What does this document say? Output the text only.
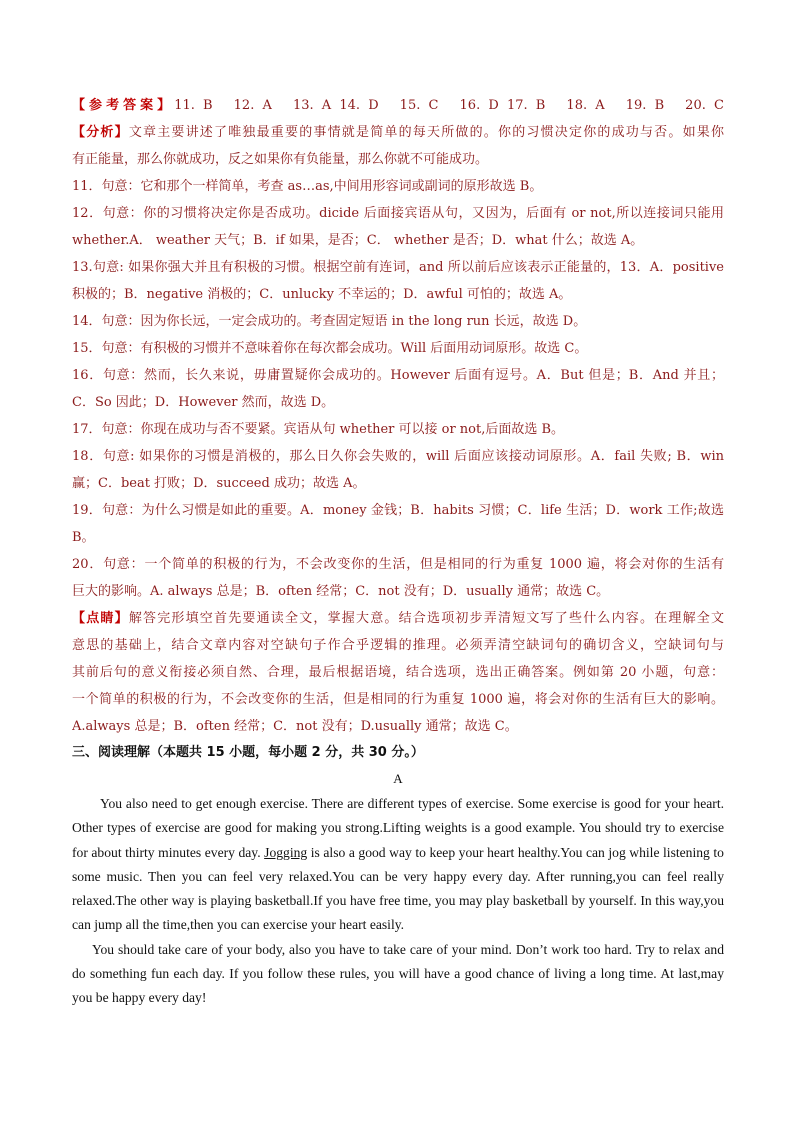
【参考答案】11. B　12. A　13. A 14. D　15. C　16. D 17. B　18. A　19. B　20. C
【分析】文章主要讲述了唯独最重要的事情就是简单的每天所做的。你的习惯决定你的成功与否。如果你
有正能量，那么你就成功，反之如果你有负能量，那么你就不可能成功。
11．句意：它和那个一样简单，考查 as…as,中间用形容词或副词的原形故选 B。
12．句意：你的习惯将决定你是否成功。dicide 后面接宾语从句，又因为，后面有 or not,所以连接词只能用
whether.A． weather 天气；B．if 如果，是否；C． whether 是否；D．what 什么；故选 A。
13.句意: 如果你强大并且有积极的习惯。根据空前有连词，and 所以前后应该表示正能量的，13．A．positive
积极的；B．negative 消极的；C．unlucky 不幸运的；D．awful 可怕的；故选 A。
14．句意：因为你长远，一定会成功的。考查固定短语 in the long run 长远，故选 D。
15．句意：有积极的习惯并不意味着你在每次都会成功。Will 后面用动词原形。故选 C。
16．句意：然而，长久来说，毋庸置疑你会成功的。However 后面有逗号。A．But 但是；B．And 并且；
C．So 因此；D．However 然而，故选 D。
17．句意：你现在成功与否不要紧。宾语从句 whether 可以接 or not,后面故选 B。
18．句意: 如果你的习惯是消极的，那么日久你会失败的，will 后面应该接动词原形。A．fail 失败; B．win
赢；C．beat 打败；D．succeed 成功；故选 A。
19．句意：为什么习惯是如此的重要。A．money 金钱；B．habits 习惯；C．life 生活；D．work 工作;故选
B。
20．句意：一个简单的积极的行为，不会改变你的生活，但是相同的行为重复 1000 遍，将会对你的生活有
巨大的影响。A. always 总是；B．often 经常；C．not 没有；D．usually 通常；故选 C。
【点睛】解答完形填空首先要通读全文，掌握大意。结合选项初步弄清短文写了些什么内容。在理解全文
意思的基础上，结合文章内容对空缺句子作合乎逻辑的推理。必须弄清空缺词句的确切含义，空缺词句与
其前后句的意义衔接必须自然、合理，最后根据语境，结合选项，选出正确答案。例如第 20 小题，句意：
一个简单的积极的行为，不会改变你的生活，但是相同的行为重复 1000 遍，将会对你的生活有巨大的影响。
A.always 总是；B．often 经常；C．not 没有；D.usually 通常；故选 C。
三、阅读理解（本题共 15 小题，每小题 2 分，共 30 分。）
A

You also need to get enough exercise. There are different types of exercise. Some exercise is good for your heart. Other types of exercise are good for making you strong.Lifting weights is a good example. You should try to exercise for about thirty minutes every day. Jogging is also a good way to keep your heart healthy.You can jog while listening to some music. Then you can feel very relaxed.You can be very happy every day. After running,you can feel really relaxed.The other way is playing basketball.If you have free time, you may play basketball by yourself. In this way,you can jump all the time,then you can exercise your heart easily.

You should take care of your body, also you have to take care of your mind. Don’t work too hard. Try to relax and do something fun each day. If you follow these rules, you will have a good chance of living a long time. At last,may you be happy every day!
